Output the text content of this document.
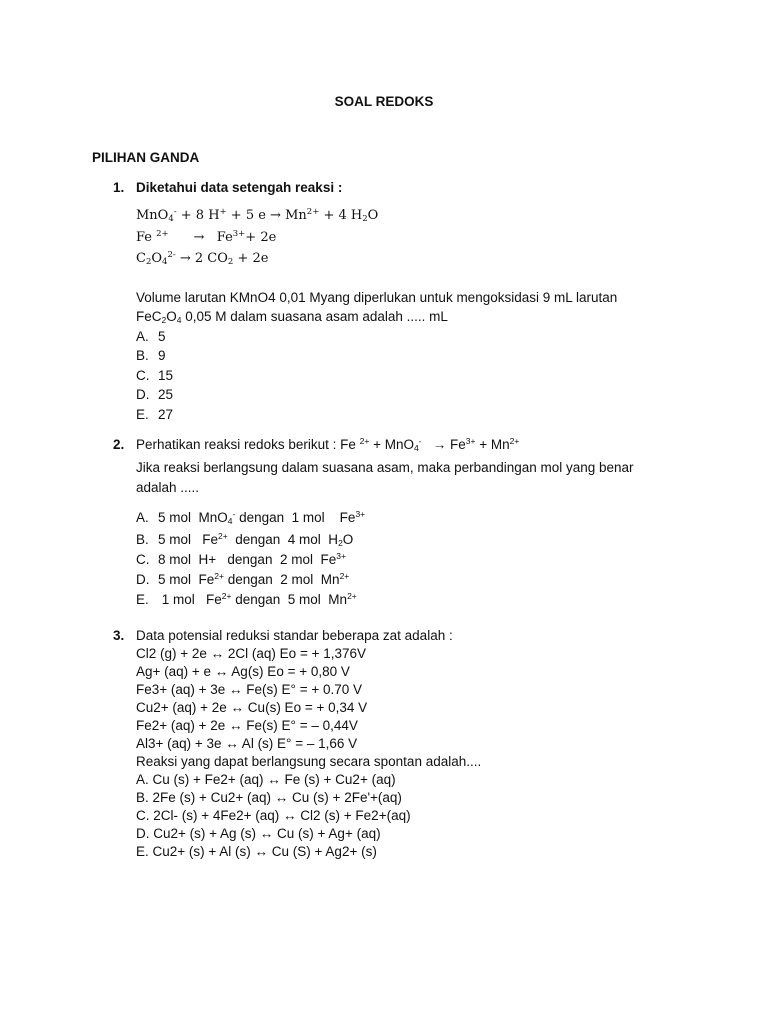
SOAL REDOKS
PILIHAN GANDA
1. Diketahui data setengah reaksi :
MnO$_4$- + 8 H+ + 5 $e \to Mn^{2+} + 4$ $H_2O$
Fe $^{2+}$      →   $Fe^{3+}+ 2e$
$C_2O_4^{2-} \to 2$ $CO_2 + 2e$
Volume larutan KMnO4 0,01 Myang diperlukan untuk mengoksidasi 9 mL larutan
$FeC_2O_4$ 0,05 M dalam suasana asam adalah ..... mL
A. 5
B. 9
C. 15
D. 25
E. 27
2. Perhatikan reaksi redoks berikut : Fe $^{2+} + MnO_4^- \to Fe^{3+} + Mn^{2+}$
Jika reaksi berlangsung dalam suasana asam, maka perbandingan mol yang benar
adalah .....
A. 5 mol  MnO$_4$- dengan  1 mol    $Fe^{3+}$
B. 5 mol   $Fe^{2+}$  dengan  4 mol  $H_2O$
C. 8 mol  H+   dengan  2 mol  $Fe^{3+}$
D. 5 mol  $Fe^{2+}$ dengan  2 mol  $Mn^{2+}$
E. 1 mol   $Fe^{2+}$ dengan  5 mol  $Mn^{2+}$
3. Data potensial reduksi standar beberapa zat adalah :
Cl2 (g) + 2e ↔ 2Cl (aq) Eo = + 1,376V
Ag+ (aq) + e ↔ Ag(s) Eo = + 0,80 V
Fe3+ (aq) + 3e ↔ Fe(s) E° = + 0.70 V
Cu2+ (aq) + 2e ↔ Cu(s) Eo = + 0,34 V
Fe2+ (aq) + 2e ↔ Fe(s) E° = – 0,44V
Al3+ (aq) + 3e ↔ Al (s) E° = – 1,66 V
Reaksi yang dapat berlangsung secara spontan adalah....
A. Cu (s) + Fe2+ (aq) ↔ Fe (s) + Cu2+ (aq)
B. 2Fe (s) + Cu2+ (aq) ↔ Cu (s) + 2Fe'+(aq)
C. 2Cl- (s) + 4Fe2+ (aq) ↔ Cl2 (s) + Fe2+(aq)
D. Cu2+ (s) + Ag (s) ↔ Cu (s) + Ag+ (aq)
E. Cu2+ (s) + Al (s) ↔ Cu (S) + Ag2+ (s)
